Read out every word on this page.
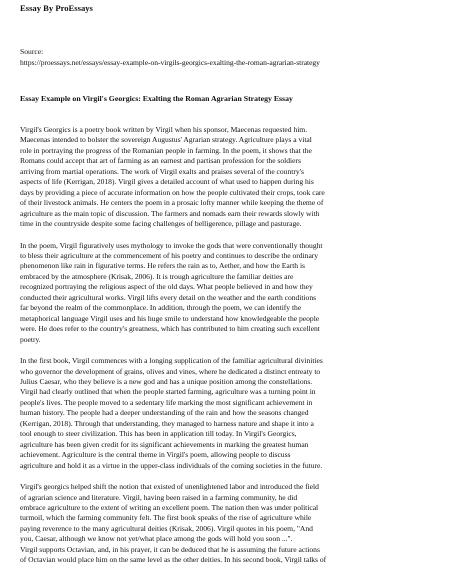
Essay By ProEssays
Source:
https://proessays.net/essays/essay-example-on-virgils-georgics-exalting-the-roman-agrarian-strategy
Essay Example on Virgil's Georgics: Exalting the Roman Agrarian Strategy Essay

Virgil's Georgics is a poetry book written by Virgil when his sponsor, Maecenas requested him.
Maecenas intended to bolster the sovereign Augustus' Agrarian strategy. Agriculture plays a vital
role in portraying the progress of the Romanian people in farming. In the poem, it shows that the
Romans could accept that art of farming as an earnest and partisan profession for the soldiers
arriving from martial operations. The work of Virgil exalts and praises several of the country's
aspects of life (Kerrigan, 2018). Virgil gives a detailed account of what used to happen during his
days by providing a piece of accurate information on how the people cultivated their crops, took care
of their livestock animals. He centers the poem in a prosaic lofty manner while keeping the theme of
agriculture as the main topic of discussion. The farmers and nomads earn their rewards slowly with
time in the countryside despite some facing challenges of belligerence, pillage and pasturage.

In the poem, Virgil figuratively uses mythology to invoke the gods that were conventionally thought
to bless their agriculture at the commencement of his poetry and continues to describe the ordinary
phenomenon like rain in figurative terms. He refers the rain as to, Aether, and how the Earth is
embraced by the atmosphere (Krisak, 2006). It is trough agriculture the familiar deities are
recognized portraying the religious aspect of the old days. What people believed in and how they
conducted their agricultural works. Virgil lifts every detail on the weather and the earth conditions
far beyond the realm of the commonplace. In addition, through the poem, we can identify the
metaphorical language Virgil uses and his huge smile to understand how knowledgeable the people
were. He does refer to the country's greatness, which has contributed to him creating such excellent
poetry.

In the first book, Virgil commences with a longing supplication of the familiar agricultural divinities
who governor the development of grains, olives and vines, where he dedicated a distinct entreaty to
Julius Caesar, who they believe is a new god and has a unique position among the constellations.
Virgil had clearly outlined that when the people started farming, agriculture was a turning point in
people's lives. The people moved to a sedentary life marking the most significant achievement in
human history. The people had a deeper understanding of the rain and how the seasons changed
(Kerrigan, 2018). Through that understanding, they managed to harness nature and shape it into a
tool enough to steer civilization. This has been in application till today. In Virgil's Georgics,
agriculture has been given credit for its significant achievements in marking the greatest human
achievement. Agriculture is the central theme in Virgil's poem, allowing people to discuss
agriculture and hold it as a virtue in the upper-class individuals of the coming societies in the future.

Virgil's georgics helped shift the notion that existed of unenlightened labor and introduced the field
of agrarian science and literature. Virgil, having been raised in a farming community, he did
embrace agriculture to the extent of writing an excellent poem. The nation then was under political
turmoil, which the farming community felt. The first book speaks of the rise of agriculture while
paying reverence to the many agricultural deities (Krisak, 2006). Virgil quotes in his poem, "And
you, Caesar, although we know not yet/what place among the gods will hold you soon ...".
Virgil supports Octavian, and, in his prayer, it can be deduced that he is assuming the future actions
of Octavian would place him on the same level as the other deities. In his second book, Virgil talks of
